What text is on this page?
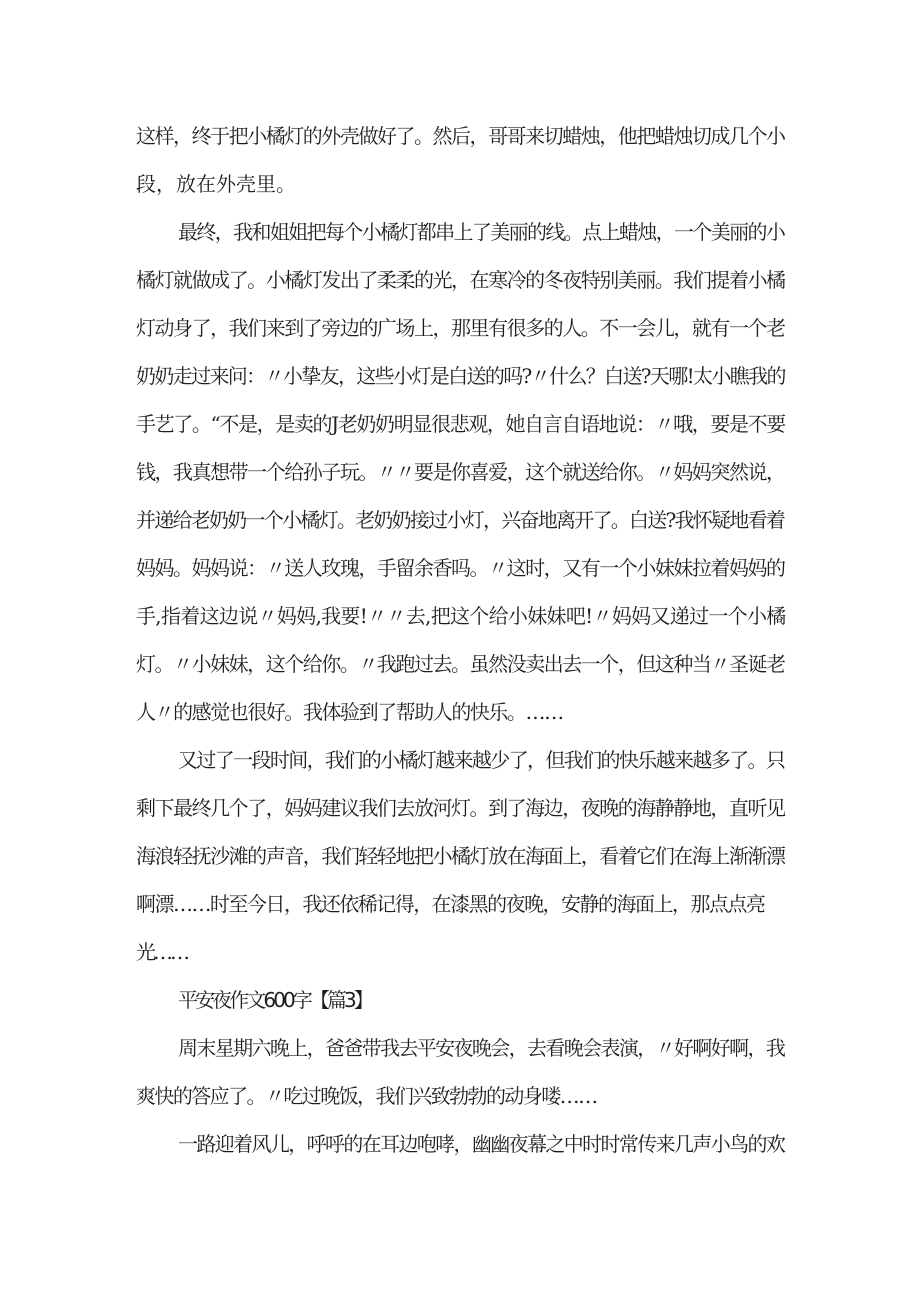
这样，终于把小橘灯的外壳做好了。然后，哥哥来切蜡烛，他把蜡烛切成几个小
段，放在外壳里。
最终，我和姐姐把每个小橘灯都串上了美丽的线。点上蜡烛，一个美丽的小
橘灯就做成了。小橘灯发出了柔柔的光，在寒冷的冬夜特别美丽。我们提着小橘
灯动身了，我们来到了旁边的广场上，那里有很多的人。不一会儿，就有一个老
奶奶走过来问：〃小挚友，这些小灯是白送的吗?〃什么？白送?天哪!太小瞧我的
手艺了。“不是，是卖的J老奶奶明显很悲观，她自言自语地说：〃哦，要是不要
钱，我真想带一个给孙子玩。〃〃要是你喜爱，这个就送给你。〃妈妈突然说，
并递给老奶奶一个小橘灯。老奶奶接过小灯，兴奋地离开了。白送?我怀疑地看着
妈妈。妈妈说：〃送人玫瑰，手留余香吗。〃这时，又有一个小妹妹拉着妈妈的
手,指着这边说〃妈妈,我要!〃〃去,把这个给小妹妹吧!〃妈妈又递过一个小橘
灯。〃小妹妹，这个给你。〃我跑过去。虽然没卖出去一个，但这种当〃圣诞老
人〃的感觉也很好。我体验到了帮助人的快乐。……
又过了一段时间，我们的小橘灯越来越少了，但我们的快乐越来越多了。只
剩下最终几个了，妈妈建议我们去放河灯。到了海边，夜晚的海静静地，直听见
海浪轻抚沙滩的声音，我们轻轻地把小橘灯放在海面上，看着它们在海上渐渐漂
啊漂……时至今日，我还依稀记得，在漆黑的夜晚，安静的海面上，那点点亮
光……
平安夜作文600字【篇3】
周末星期六晚上，爸爸带我去平安夜晚会，去看晚会表演，〃好啊好啊，我
爽快的答应了。〃吃过晚饭，我们兴致勃勃的动身喽……
一路迎着风儿，呼呼的在耳边咆哮，幽幽夜幕之中时时常传来几声小鸟的欢
